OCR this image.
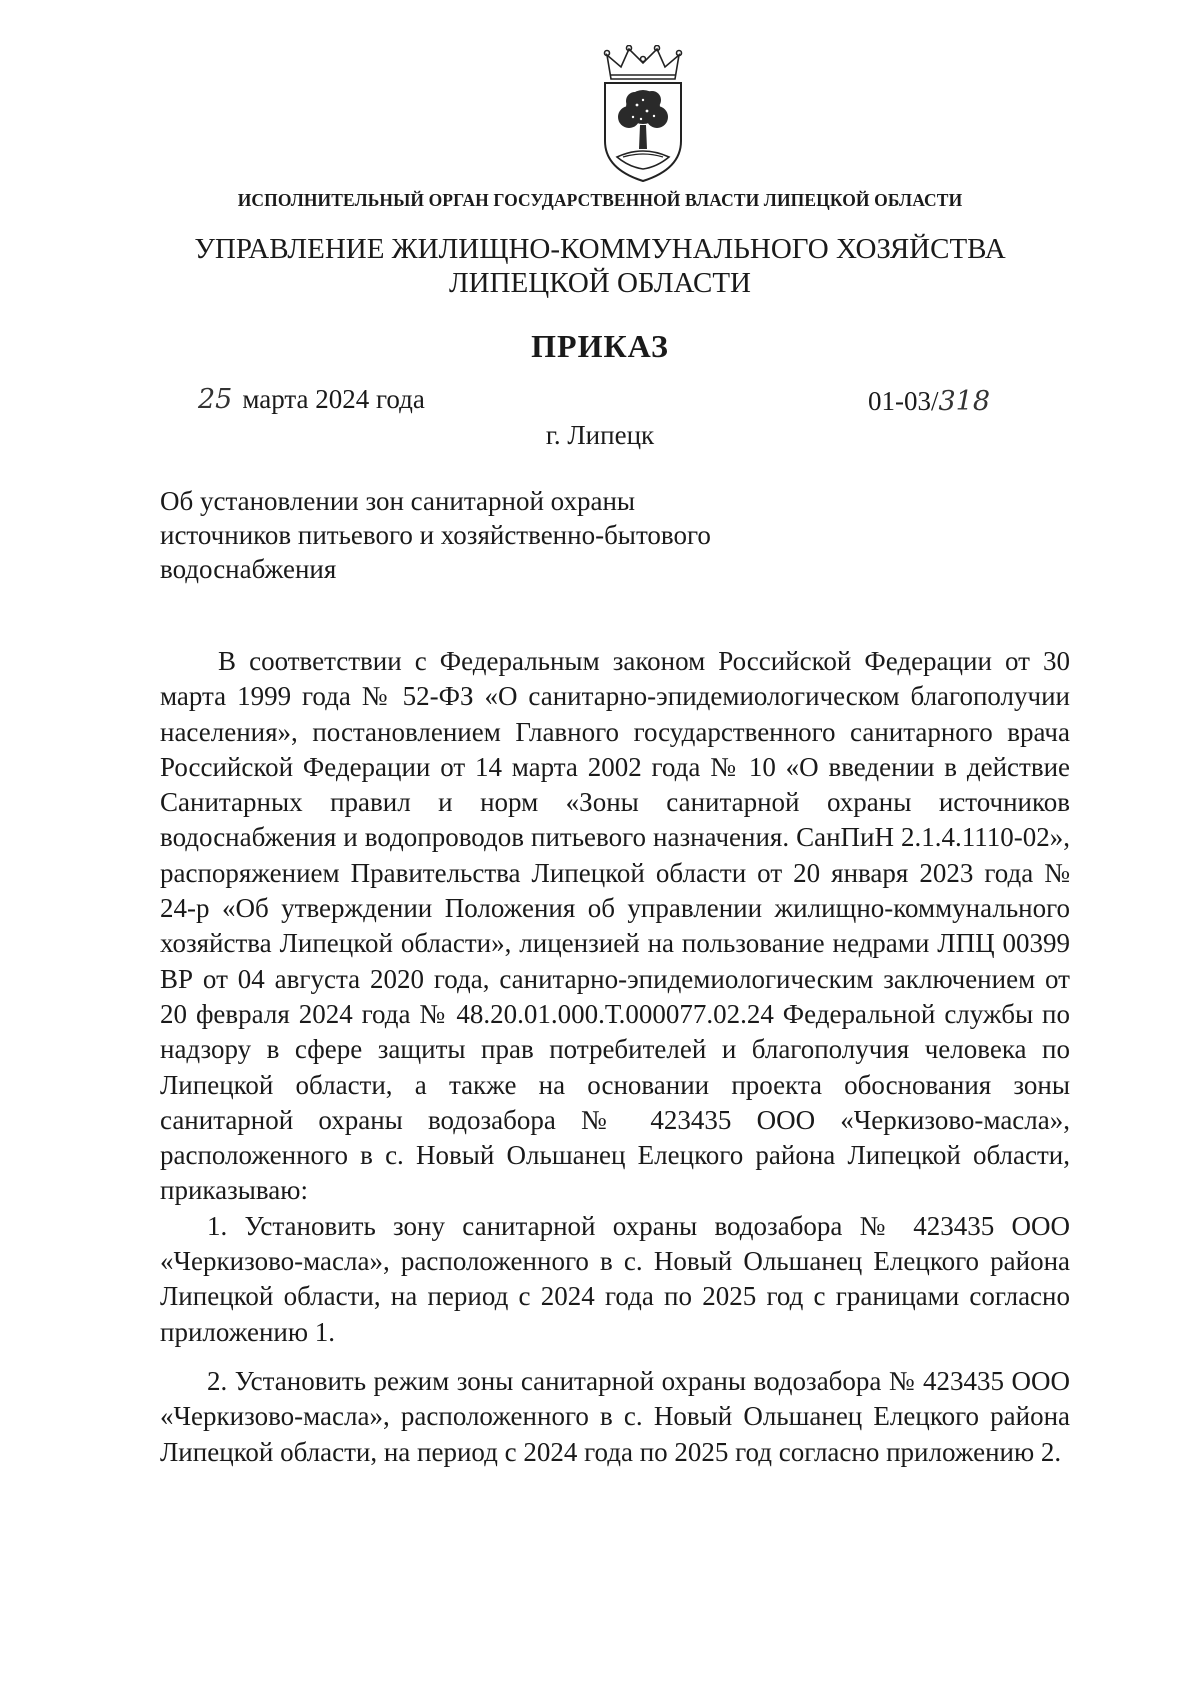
ИСПОЛНИТЕЛЬНЫЙ ОРГАН ГОСУДАРСТВЕННОЙ ВЛАСТИ ЛИПЕЦКОЙ ОБЛАСТИ
УПРАВЛЕНИЕ ЖИЛИЩНО-КОММУНАЛЬНОГО ХОЗЯЙСТВА
ЛИПЕЦКОЙ ОБЛАСТИ
ПРИКАЗ
25 марта 2024 года	01-03/318
г. Липецк
Об установлении зон санитарной охраны
источников питьевого и хозяйственно-бытового
водоснабжения
В соответствии с Федеральным законом Российской Федерации от 30 марта 1999 года № 52-ФЗ «О санитарно-эпидемиологическом благополучии населения», постановлением Главного государственного санитарного врача Российской Федерации от 14 марта 2002 года № 10 «О введении в действие Санитарных правил и норм «Зоны санитарной охраны источников водоснабжения и водопроводов питьевого назначения. СанПиН 2.1.4.1110-02», распоряжением Правительства Липецкой области от 20 января 2023 года № 24-р «Об утверждении Положения об управлении жилищно-коммунального хозяйства Липецкой области», лицензией на пользование недрами ЛПЦ 00399 ВР от 04 августа 2020 года, санитарно-эпидемиологическим заключением от 20 февраля 2024 года № 48.20.01.000.Т.000077.02.24 Федеральной службы по надзору в сфере защиты прав потребителей и благополучия человека по Липецкой области, а также на основании проекта обоснования зоны санитарной охраны водозабора № 423435 ООО «Черкизово-масла», расположенного в с. Новый Ольшанец Елецкого района Липецкой области, приказываю:
1. Установить зону санитарной охраны водозабора № 423435 ООО «Черкизово-масла», расположенного в с. Новый Ольшанец Елецкого района Липецкой области, на период с 2024 года по 2025 год с границами согласно приложению 1.
2. Установить режим зоны санитарной охраны водозабора № 423435 ООО «Черкизово-масла», расположенного в с. Новый Ольшанец Елецкого района Липецкой области, на период с 2024 года по 2025 год согласно приложению 2.
